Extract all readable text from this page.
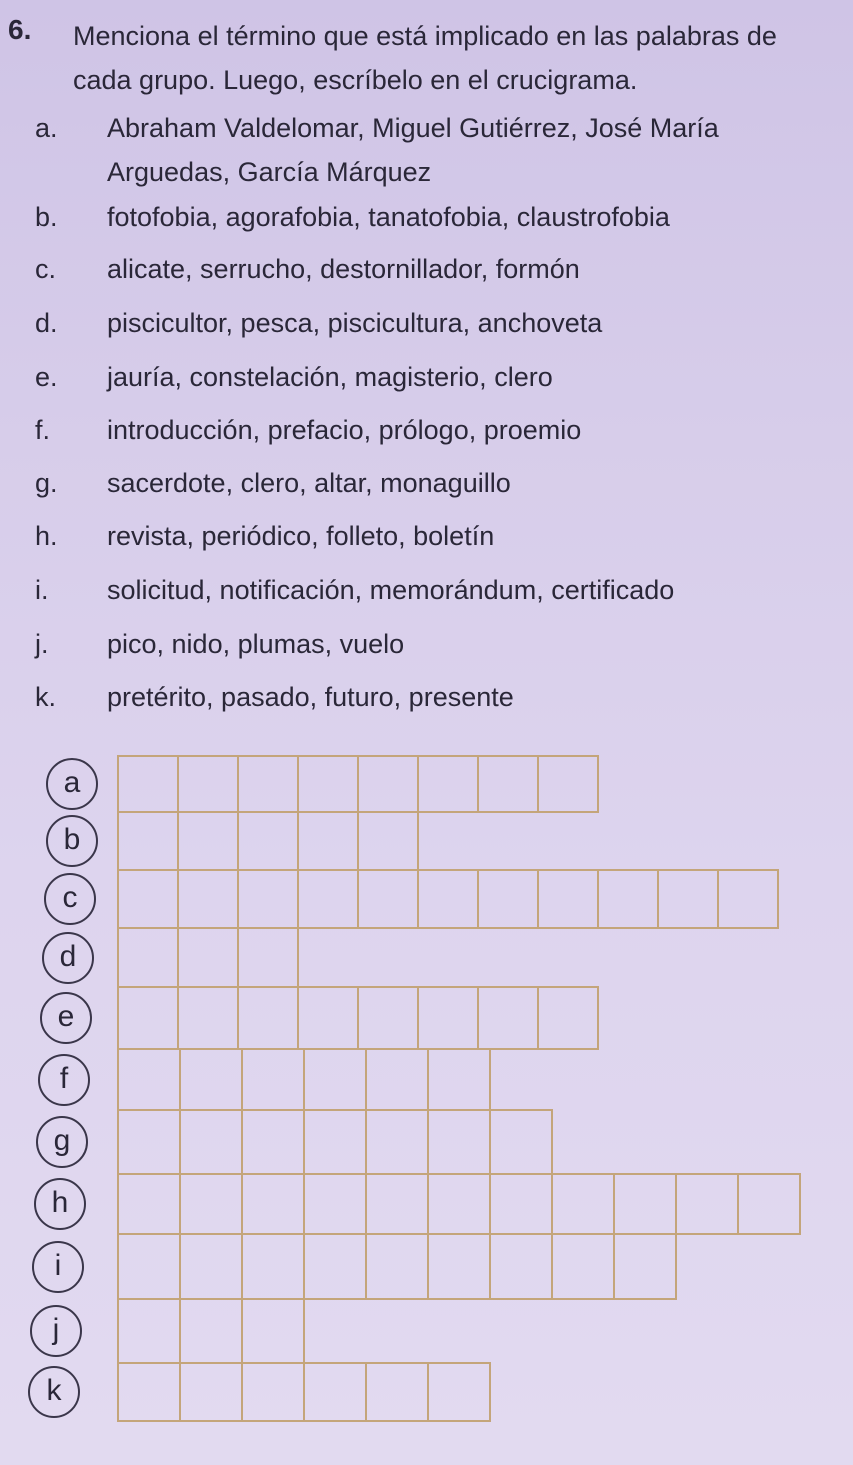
6. Menciona el término que está implicado en las palabras de cada grupo. Luego, escríbelo en el crucigrama.
a. Abraham Valdelomar, Miguel Gutiérrez, José María Arguedas, García Márquez
b. fotofobia, agorafobia, tanatofobia, claustrofobia
c. alicate, serrucho, destornillador, formón
d. piscicultor, pesca, piscicultura, anchoveta
e. jauría, constelación, magisterio, clero
f. introducción, prefacio, prólogo, proemio
g. sacerdote, clero, altar, monaguillo
h. revista, periódico, folleto, boletín
i. solicitud, notificación, memorándum, certificado
j. pico, nido, plumas, vuelo
k. pretérito, pasado, futuro, presente
a
b
c
d
e
f
g
h
i
j
k
